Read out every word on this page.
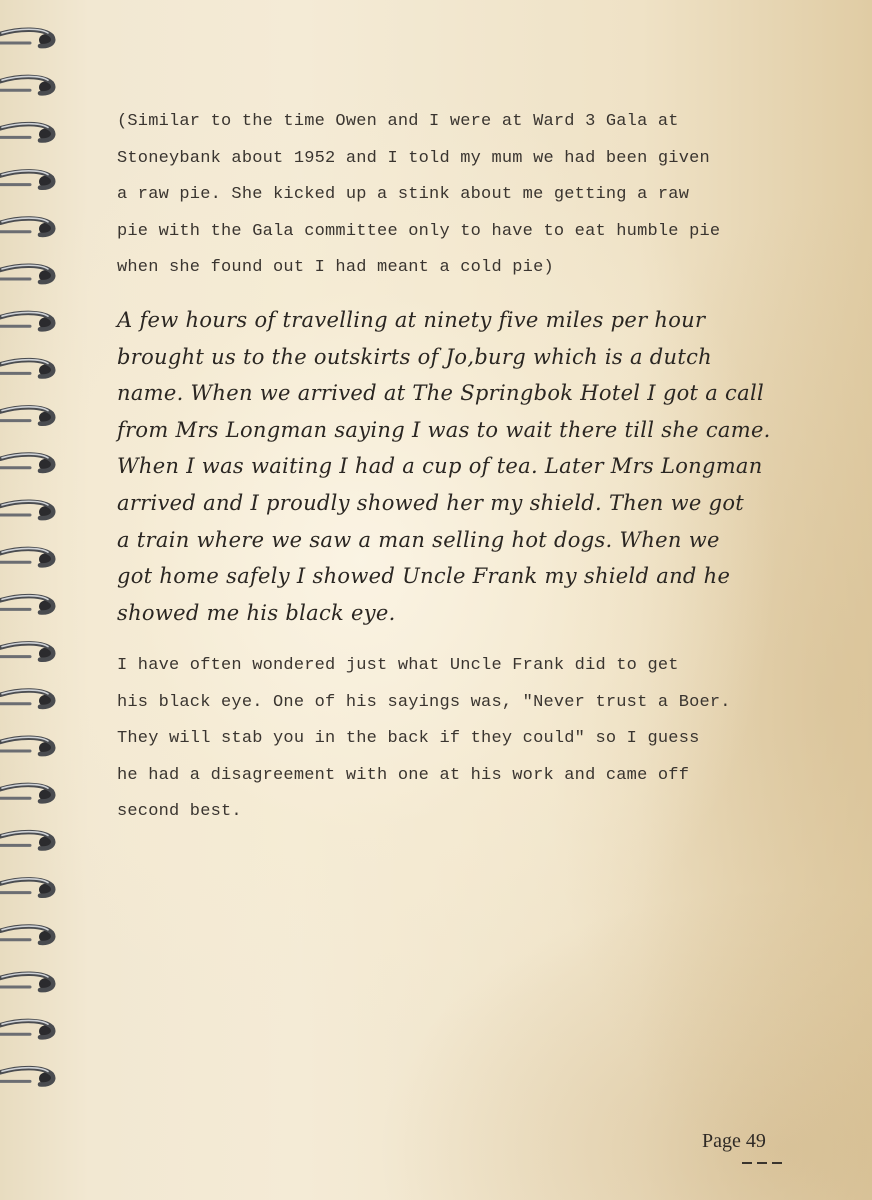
(Similar to the time Owen and I were at Ward 3 Gala at
Stoneybank about 1952 and I told my mum we had been given
a raw pie. She kicked up a stink about me getting a raw
pie with the Gala committee only to have to eat humble pie
when she found out I had meant a cold pie)
A few hours of travelling at ninety five miles per hour
brought us to the outskirts of Jo,burg which is a dutch
name. When we arrived at The Springbok Hotel I got a call
from Mrs Longman saying I was to wait there till she came.
When I was waiting I had a cup of tea. Later Mrs Longman
arrived and I proudly showed her my shield. Then we got
a train where we saw a man selling hot dogs. When we
got home safely I showed Uncle Frank my shield and he
showed me his black eye.
I have often wondered just what Uncle Frank did to get
his black eye. One of his sayings was, "Never trust a Boer.
They will stab you in the back if they could" so I guess
he had a disagreement with one at his work and came off
second best.
Page 49
